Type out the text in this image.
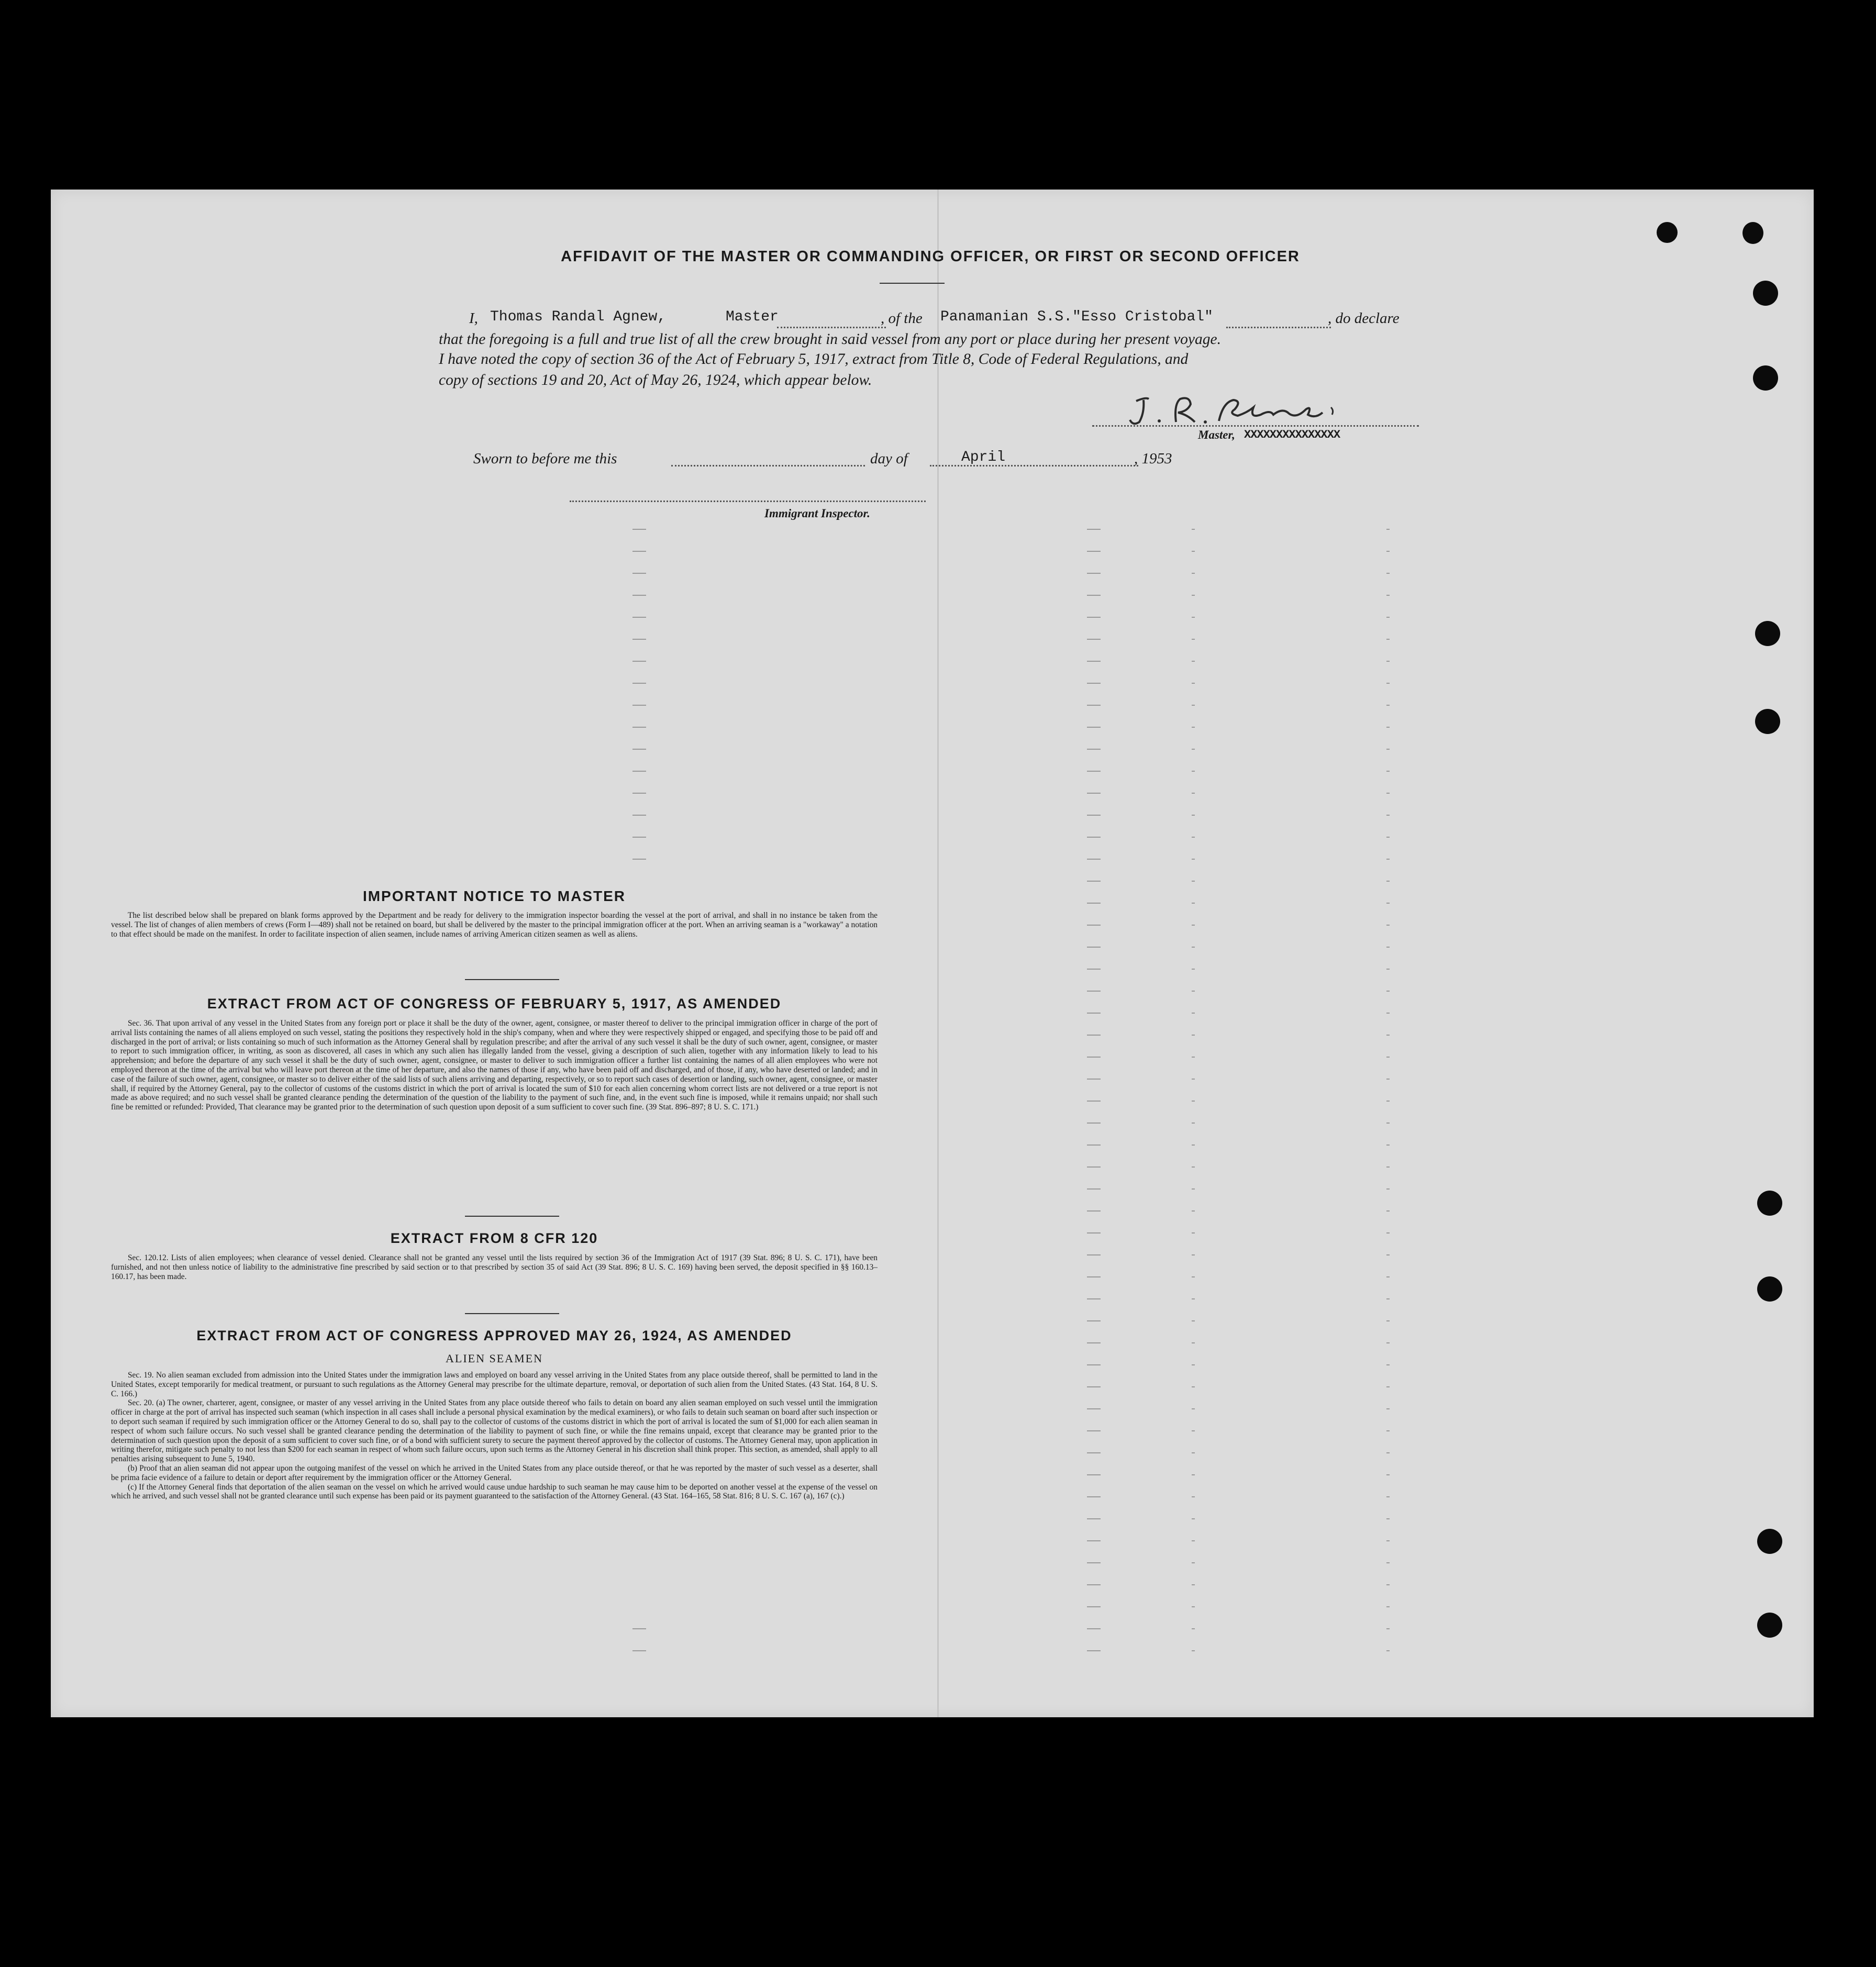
AFFIDAVIT OF THE MASTER OR COMMANDING OFFICER, OR FIRST OR SECOND OFFICER
I, Thomas Randal Agnew,	Master	, of the Panamanian S.S."Esso Cristobal"	, do declare
that the foregoing is a full and true list of all the crew brought in said vessel from any port or place during her present voyage.
I have noted the copy of section 36 of the Act of February 5, 1917, extract from Title 8, Code of Federal Regulations, and
copy of sections 19 and 20, Act of May 26, 1924, which appear below.
Master, XXXXXXXXXXXXXXX
Sworn to before me this	day of	April	, 1953
Immigrant Inspector.
IMPORTANT NOTICE TO MASTER

The list described below shall be prepared on blank forms approved by the Department and be ready for delivery to the immigration inspector boarding the vessel at the port of arrival, and shall in no instance be taken from the vessel. The list of changes of alien members of crews (Form I—489) shall not be retained on board, but shall be delivered by the master to the principal immigration officer at the port. When an arriving seaman is a "workaway" a notation to that effect should be made on the manifest. In order to facilitate inspection of alien seamen, include names of arriving American citizen seamen as well as aliens.

EXTRACT FROM ACT OF CONGRESS OF FEBRUARY 5, 1917, AS AMENDED

Sec. 36. That upon arrival of any vessel in the United States from any foreign port or place it shall be the duty of the owner, agent, consignee, or master thereof to deliver to the principal immigration officer in charge of the port of arrival lists containing the names of all aliens employed on such vessel, stating the positions they respectively hold in the ship's company, when and where they were respectively shipped or engaged, and specifying those to be paid off and discharged in the port of arrival; or lists containing so much of such information as the Attorney General shall by regulation prescribe; and after the arrival of any such vessel it shall be the duty of such owner, agent, consignee, or master to report to such immigration officer, in writing, as soon as discovered, all cases in which any such alien has illegally landed from the vessel, giving a description of such alien, together with any information likely to lead to his apprehension; and before the departure of any such vessel it shall be the duty of such owner, agent, consignee, or master to deliver to such immigration officer a further list containing the names of all alien employees who were not employed thereon at the time of the arrival but who will leave port thereon at the time of her departure, and also the names of those if any, who have been paid off and discharged, and of those, if any, who have deserted or landed; and in case of the failure of such owner, agent, consignee, or master so to deliver either of the said lists of such aliens arriving and departing, respectively, or so to report such cases of desertion or landing, such owner, agent, consignee, or master shall, if required by the Attorney General, pay to the collector of customs of the customs district in which the port of arrival is located the sum of $10 for each alien concerning whom correct lists are not delivered or a true report is not made as above required; and no such vessel shall be granted clearance pending the determination of the question of the liability to the payment of such fine, and, in the event such fine is imposed, while it remains unpaid; nor shall such fine be remitted or refunded: Provided, That clearance may be granted prior to the determination of such question upon deposit of a sum sufficient to cover such fine. (39 Stat. 896–897; 8 U. S. C. 171.)

EXTRACT FROM 8 CFR 120

Sec. 120.12. Lists of alien employees; when clearance of vessel denied. Clearance shall not be granted any vessel until the lists required by section 36 of the Immigration Act of 1917 (39 Stat. 896; 8 U. S. C. 171), have been furnished, and not then unless notice of liability to the administrative fine prescribed by said section or to that prescribed by section 35 of said Act (39 Stat. 896; 8 U. S. C. 169) having been served, the deposit specified in §§ 160.13–160.17, has been made.

EXTRACT FROM ACT OF CONGRESS APPROVED MAY 26, 1924, AS AMENDED
ALIEN SEAMEN

Sec. 19. No alien seaman excluded from admission into the United States under the immigration laws and employed on board any vessel arriving in the United States from any place outside thereof, shall be permitted to land in the United States, except temporarily for medical treatment, or pursuant to such regulations as the Attorney General may prescribe for the ultimate departure, removal, or deportation of such alien from the United States. (43 Stat. 164, 8 U. S. C. 166.)

Sec. 20. (a) The owner, charterer, agent, consignee, or master of any vessel arriving in the United States from any place outside thereof who fails to detain on board any alien seaman employed on such vessel until the immigration officer in charge at the port of arrival has inspected such seaman (which inspection in all cases shall include a personal physical examination by the medical examiners), or who fails to detain such seaman on board after such inspection or to deport such seaman if required by such immigration officer or the Attorney General to do so, shall pay to the collector of customs of the customs district in which the port of arrival is located the sum of $1,000 for each alien seaman in respect of whom such failure occurs. No such vessel shall be granted clearance pending the determination of the liability to payment of such fine, or while the fine remains unpaid, except that clearance may be granted prior to the determination of such question upon the deposit of a sum sufficient to cover such fine, or of a bond with sufficient surety to secure the payment thereof approved by the collector of customs. The Attorney General may, upon application in writing therefor, mitigate such penalty to not less than $200 for each seaman in respect of whom such failure occurs, upon such terms as the Attorney General in his discretion shall think proper. This section, as amended, shall apply to all penalties arising subsequent to June 5, 1940.

(b) Proof that an alien seaman did not appear upon the outgoing manifest of the vessel on which he arrived in the United States from any place outside thereof, or that he was reported by the master of such vessel as a deserter, shall be prima facie evidence of a failure to detain or deport after requirement by the immigration officer or the Attorney General.

(c) If the Attorney General finds that deportation of the alien seaman on the vessel on which he arrived would cause undue hardship to such seaman he may cause him to be deported on another vessel at the expense of the vessel on which he arrived, and such vessel shall not be granted clearance until such expense has been paid or its payment guaranteed to the satisfaction of the Attorney General. (43 Stat. 164–165, 58 Stat. 816; 8 U. S. C. 167 (a), 167 (c).)
